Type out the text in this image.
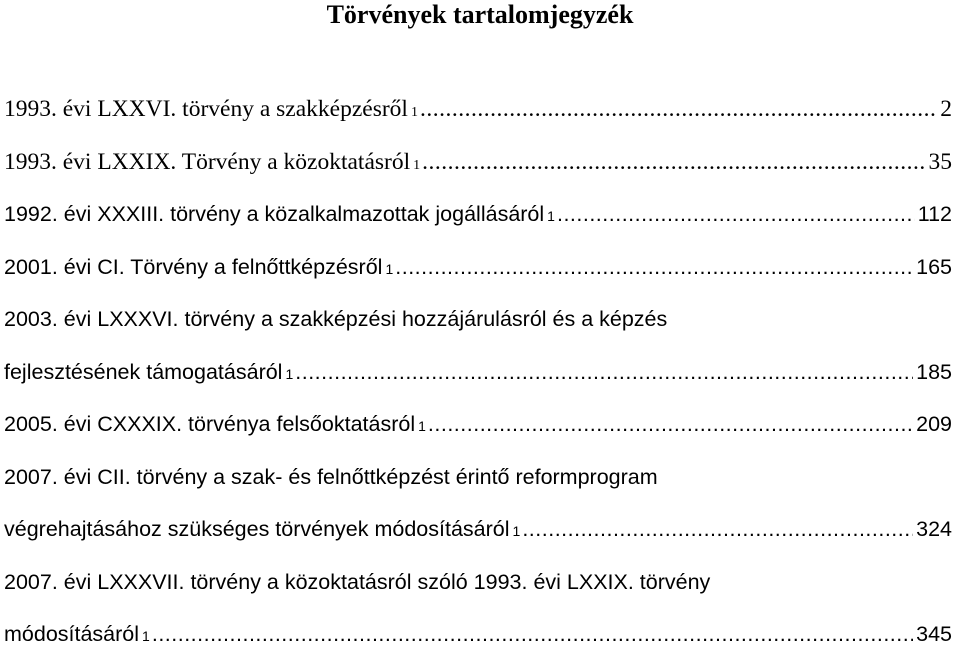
Törvények tartalomjegyzék
1993. évi LXXVI. törvény a szakképzésről 1 .....	2
1993. évi LXXIX. Törvény a közoktatásról 1 .....	35
1992. évi XXXIII. törvény a közalkalmazottak jogállásáról 1 .....	112
2001. évi CI. Törvény a felnőttképzésről 1 .....	165
2003. évi LXXXVI. törvény a szakképzési hozzájárulásról és a képzés
fejlesztésének támogatásáról 1 .....	185
2005. évi CXXXIX. törvénya felsőoktatásról 1 .....	209
2007. évi CII. törvény a szak- és felnőttképzést érintő reformprogram
végrehajtásához szükséges törvények módosításáról 1 .....	324
2007. évi LXXXVII. törvény a közoktatásról szóló 1993. évi LXXIX. törvény
módosításáról 1 .....	345
